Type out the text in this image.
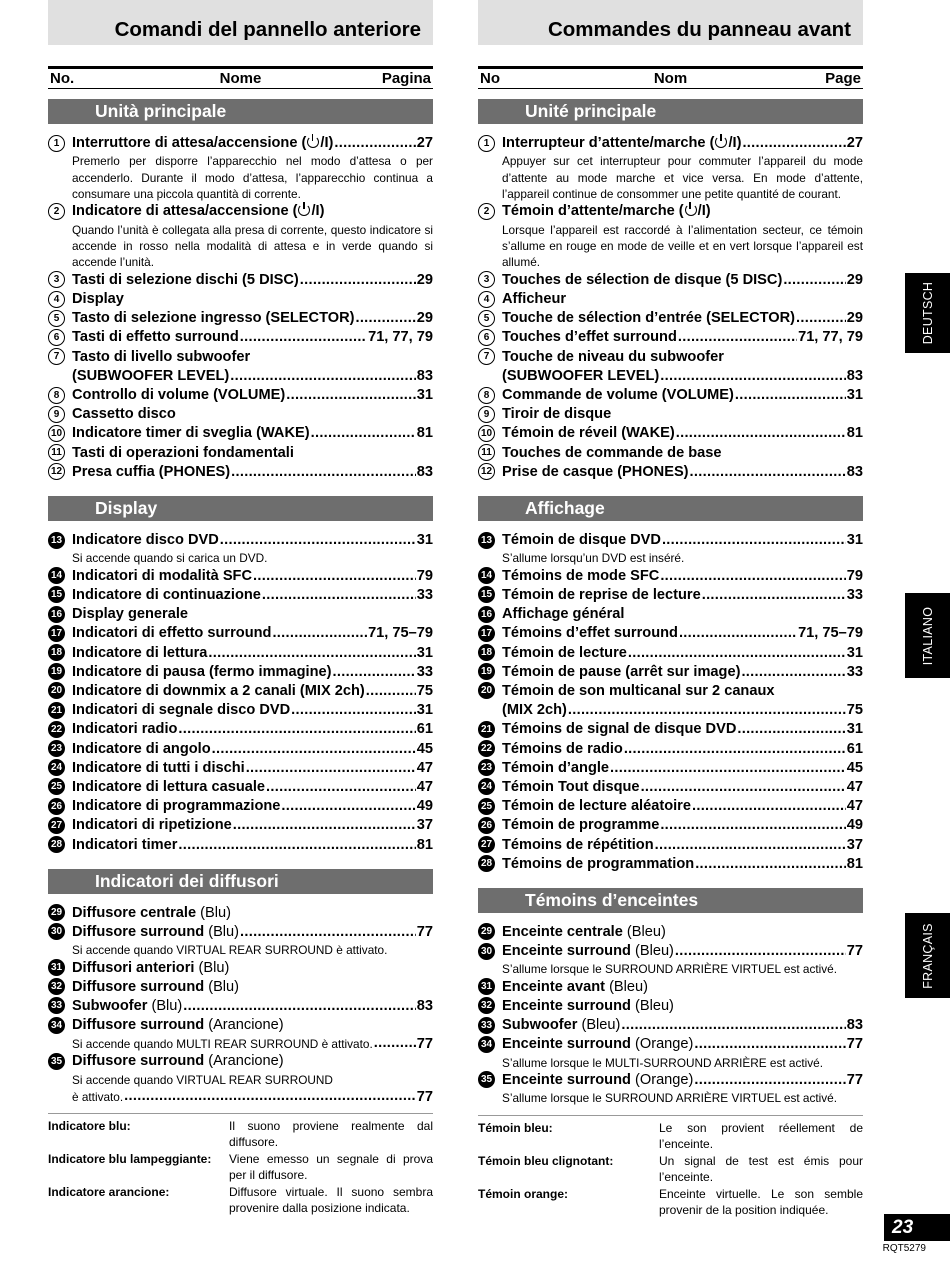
Comandi del pannello anteriore
No.	Nome	Pagina
Unità principale
1 Interruttore di attesa/accensione ( /I) .....	27
Premerlo per disporre l’apparecchio nel modo d’attesa o per accenderlo. Durante il modo d’attesa, l’apparecchio continua a consumare una piccola quantità di corrente.
2 Indicatore di attesa/accensione ( /I)
Quando l’unità è collegata alla presa di corrente, questo indicatore si accende in rosso nella modalità di attesa e in verde quando si accende l’unità.
3 Tasti di selezione dischi (5 DISC) .....	29
4 Display
5 Tasto di selezione ingresso (SELECTOR) .....	29
6 Tasti di effetto surround .....	71, 77, 79
7 Tasto di livello subwoofer
(SUBWOOFER LEVEL) .....	83
8 Controllo di volume (VOLUME) .....	31
9 Cassetto disco
10 Indicatore timer di sveglia (WAKE) .....	81
11 Tasti di operazioni fondamentali
12 Presa cuffia (PHONES) .....	83
Display
13 Indicatore disco DVD .....	31
Si accende quando si carica un DVD.
14 Indicatori di modalità SFC .....	79
15 Indicatore di continuazione .....	33
16 Display generale
17 Indicatori di effetto surround .....	71, 75–79
18 Indicatore di lettura .....	31
19 Indicatore di pausa (fermo immagine) .....	33
20 Indicatore di downmix a 2 canali (MIX 2ch) .....	75
21 Indicatori di segnale disco DVD .....	31
22 Indicatori radio .....	61
23 Indicatore di angolo .....	45
24 Indicatore di tutti i dischi .....	47
25 Indicatore di lettura casuale .....	47
26 Indicatore di programmazione .....	49
27 Indicatori di ripetizione .....	37
28 Indicatori timer .....	81
Indicatori dei diffusori
29 Diffusore centrale (Blu)
30 Diffusore surround (Blu) .....	77
Si accende quando VIRTUAL REAR SURROUND è attivato.
31 Diffusori anteriori (Blu)
32 Diffusore surround (Blu)
33 Subwoofer (Blu) .....	83
34 Diffusore surround (Arancione)
Si accende quando MULTI REAR SURROUND è attivato. .....	77
35 Diffusore surround (Arancione)
Si accende quando VIRTUAL REAR SURROUND
è attivato. .....	77
Indicatore blu:	Il suono proviene realmente dal diffusore.
Indicatore blu lampeggiante:	Viene emesso un segnale di prova per il diffusore.
Indicatore arancione:	Diffusore virtuale. Il suono sembra provenire dalla posizione indicata.
Commandes du panneau avant
No	Nom	Page
Unité principale
1 Interrupteur d’attente/marche ( /I) .....	27
Appuyer sur cet interrupteur pour commuter l’appareil du mode d’attente au mode marche et vice versa. En mode d’attente, l’appareil continue de consommer une petite quantité de courant.
2 Témoin d’attente/marche ( /I)
Lorsque l’appareil est raccordé à l’alimentation secteur, ce témoin s’allume en rouge en mode de veille et en vert lorsque l’appareil est allumé.
3 Touches de sélection de disque (5 DISC) .....	29
4 Afficheur
5 Touche de sélection d’entrée (SELECTOR) .....	29
6 Touches d’effet surround .....	71, 77, 79
7 Touche de niveau du subwoofer
(SUBWOOFER LEVEL) .....	83
8 Commande de volume (VOLUME) .....	31
9 Tiroir de disque
10 Témoin de réveil (WAKE) .....	81
11 Touches de commande de base
12 Prise de casque (PHONES) .....	83
Affichage
13 Témoin de disque DVD .....	31
S’allume lorsqu’un DVD est inséré.
14 Témoins de mode SFC .....	79
15 Témoin de reprise de lecture .....	33
16 Affichage général
17 Témoins d’effet surround .....	71, 75–79
18 Témoin de lecture .....	31
19 Témoin de pause (arrêt sur image) .....	33
20 Témoin de son multicanal sur 2 canaux
(MIX 2ch) .....	75
21 Témoins de signal de disque DVD .....	31
22 Témoins de radio .....	61
23 Témoin d’angle .....	45
24 Témoin Tout disque .....	47
25 Témoin de lecture aléatoire .....	47
26 Témoin de programme .....	49
27 Témoins de répétition .....	37
28 Témoins de programmation .....	81
Témoins d’enceintes
29 Enceinte centrale (Bleu)
30 Enceinte surround (Bleu) .....	77
S’allume lorsque le SURROUND ARRIÈRE VIRTUEL est activé.
31 Enceinte avant (Bleu)
32 Enceinte surround (Bleu)
33 Subwoofer (Bleu) .....	83
34 Enceinte surround (Orange) .....	77
S’allume lorsque le MULTI-SURROUND ARRIÈRE est activé.
35 Enceinte surround (Orange) .....	77
S’allume lorsque le SURROUND ARRIÈRE VIRTUEL est activé.
Témoin bleu:	Le son provient réellement de l’enceinte.
Témoin bleu clignotant:	Un signal de test est émis pour l’enceinte.
Témoin orange:	Enceinte virtuelle. Le son semble provenir de la position indiquée.
DEUTSCH
ITALIANO
FRANÇAIS
23
RQT5279
